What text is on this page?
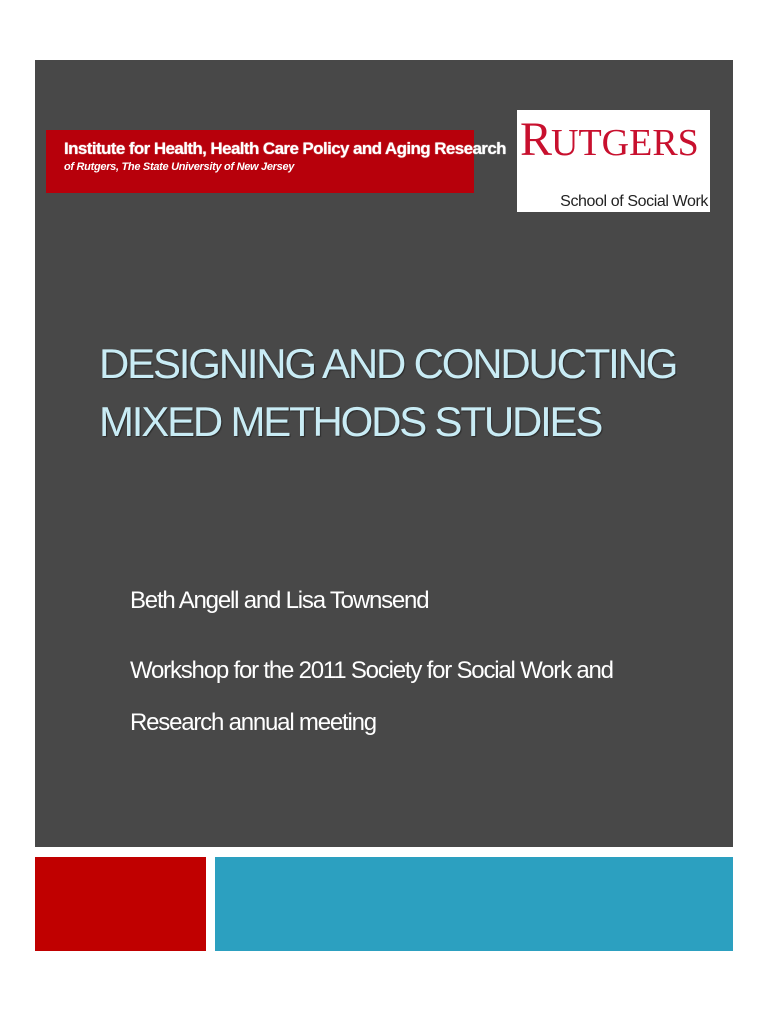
Institute for Health, Health Care Policy and Aging Research
of Rutgers, The State University of New Jersey
RUTGERS
School of Social Work
DESIGNING AND CONDUCTING
MIXED METHODS STUDIES

Beth Angell and Lisa Townsend

Workshop for the 2011 Society for Social Work and
Research annual meeting
